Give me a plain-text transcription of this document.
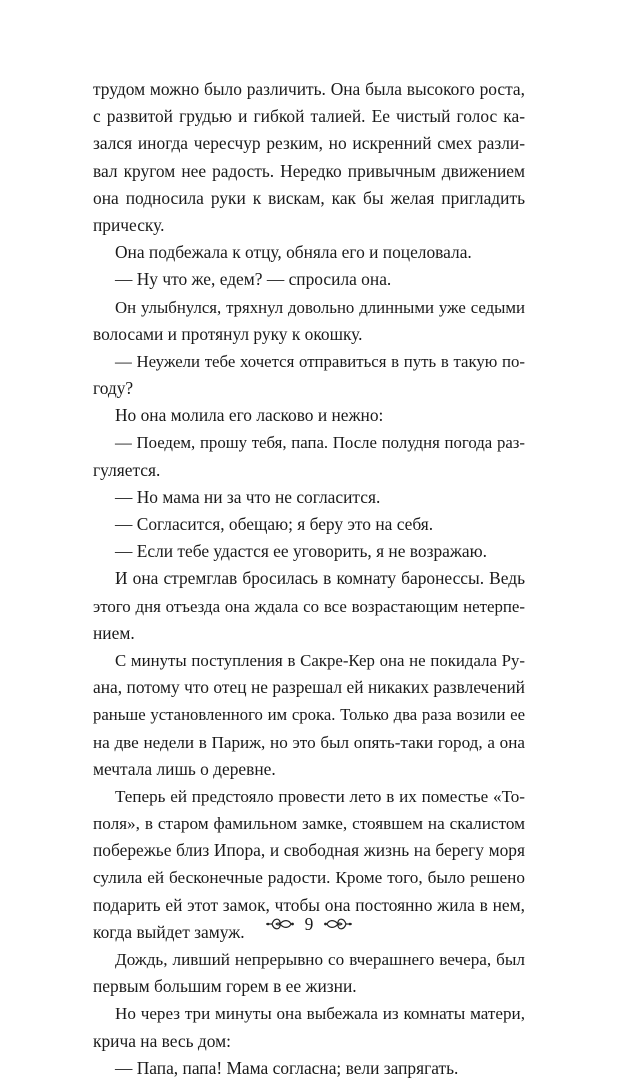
трудом можно было различить. Она была высокого роста,
с развитой грудью и гибкой талией. Ее чистый голос ка-
зался иногда чересчур резким, но искренний смех разли-
вал кругом нее радость. Нередко привычным движением
она подносила руки к вискам, как бы желая пригладить
прическу.
Она подбежала к отцу, обняла его и поцеловала.
— Ну что же, едем? — спросила она.
Он улыбнулся, тряхнул довольно длинными уже седыми
волосами и протянул руку к окошку.
— Неужели тебе хочется отправиться в путь в такую по-
году?
Но она молила его ласково и нежно:
— Поедем, прошу тебя, папа. После полудня погода раз-
гуляется.
— Но мама ни за что не согласится.
— Согласится, обещаю; я беру это на себя.
— Если тебе удастся ее уговорить, я не возражаю.
И она стремглав бросилась в комнату баронессы. Ведь
этого дня отъезда она ждала со все возрастающим нетерпе-
нием.
С минуты поступления в Сакре-Кер она не покидала Ру-
ана, потому что отец не разрешал ей никаких развлечений
раньше установленного им срока. Только два раза возили ее
на две недели в Париж, но это был опять-таки город, а она
мечтала лишь о деревне.
Теперь ей предстояло провести лето в их поместье «То-
поля», в старом фамильном замке, стоявшем на скалистом
побережье близ Ипора, и свободная жизнь на берегу моря
сулила ей бесконечные радости. Кроме того, было решено
подарить ей этот замок, чтобы она постоянно жила в нем,
когда выйдет замуж.
Дождь, ливший непрерывно со вчерашнего вечера, был
первым большим горем в ее жизни.
Но через три минуты она выбежала из комнаты матери,
крича на весь дом:
— Папа, папа! Мама согласна; вели запрягать.
9
